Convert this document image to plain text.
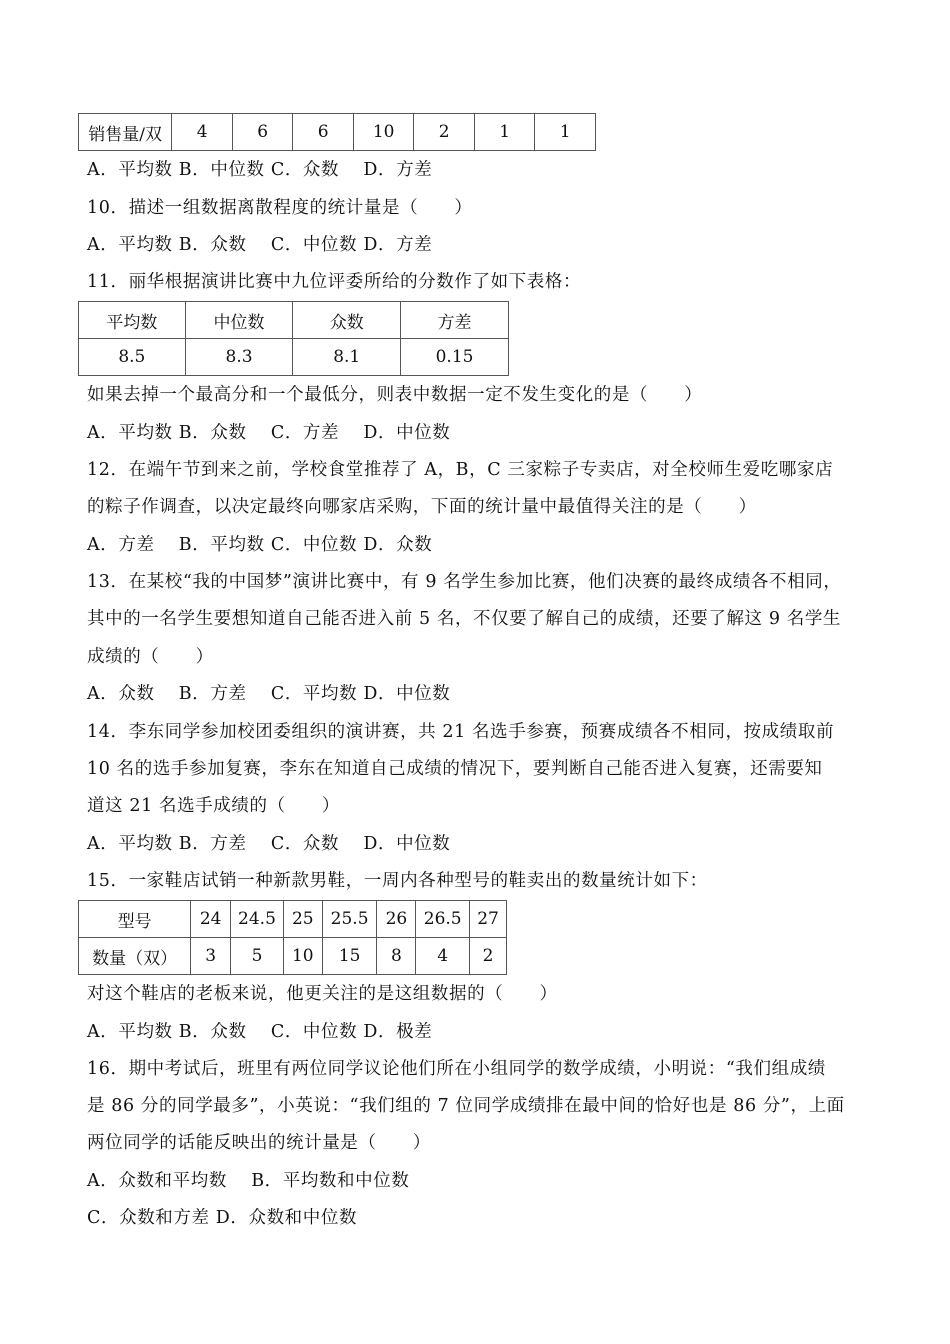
销售量/双	4	6	6	10	2	1	1
A．平均数 B．中位数 C．众数 　D．方差
10．描述一组数据离散程度的统计量是（　　）
A．平均数 B．众数 　C．中位数 D．方差
11．丽华根据演讲比赛中九位评委所给的分数作了如下表格：
平均数	中位数	众数	方差
8.5	8.3	8.1	0.15
如果去掉一个最高分和一个最低分，则表中数据一定不发生变化的是（　　）
A．平均数 B．众数 　C．方差 　D．中位数
12．在端午节到来之前，学校食堂推荐了 A，B，C 三家粽子专卖店，对全校师生爱吃哪家店
的粽子作调查，以决定最终向哪家店采购，下面的统计量中最值得关注的是（　　）
A．方差 　B．平均数 C．中位数 D．众数
13．在某校“我的中国梦”演讲比赛中，有 9 名学生参加比赛，他们决赛的最终成绩各不相同，
其中的一名学生要想知道自己能否进入前 5 名，不仅要了解自己的成绩，还要了解这 9 名学生
成绩的（　　）
A．众数 　B．方差 　C．平均数 D．中位数
14．李东同学参加校团委组织的演讲赛，共 21 名选手参赛，预赛成绩各不相同，按成绩取前
10 名的选手参加复赛，李东在知道自己成绩的情况下，要判断自己能否进入复赛，还需要知
道这 21 名选手成绩的（　　）
A．平均数 B．方差 　C．众数 　D．中位数
15．一家鞋店试销一种新款男鞋，一周内各种型号的鞋卖出的数量统计如下：
型号	24	24.5	25	25.5	26	26.5	27
数量（双）	3	5	10	15	8	4	2
对这个鞋店的老板来说，他更关注的是这组数据的（　　）
A．平均数 B．众数 　C．中位数 D．极差
16．期中考试后，班里有两位同学议论他们所在小组同学的数学成绩，小明说：“我们组成绩
是 86 分的同学最多”，小英说：“我们组的 7 位同学成绩排在最中间的恰好也是 86 分”，上面
两位同学的话能反映出的统计量是（　　）
A．众数和平均数 　B．平均数和中位数
C．众数和方差 D．众数和中位数
